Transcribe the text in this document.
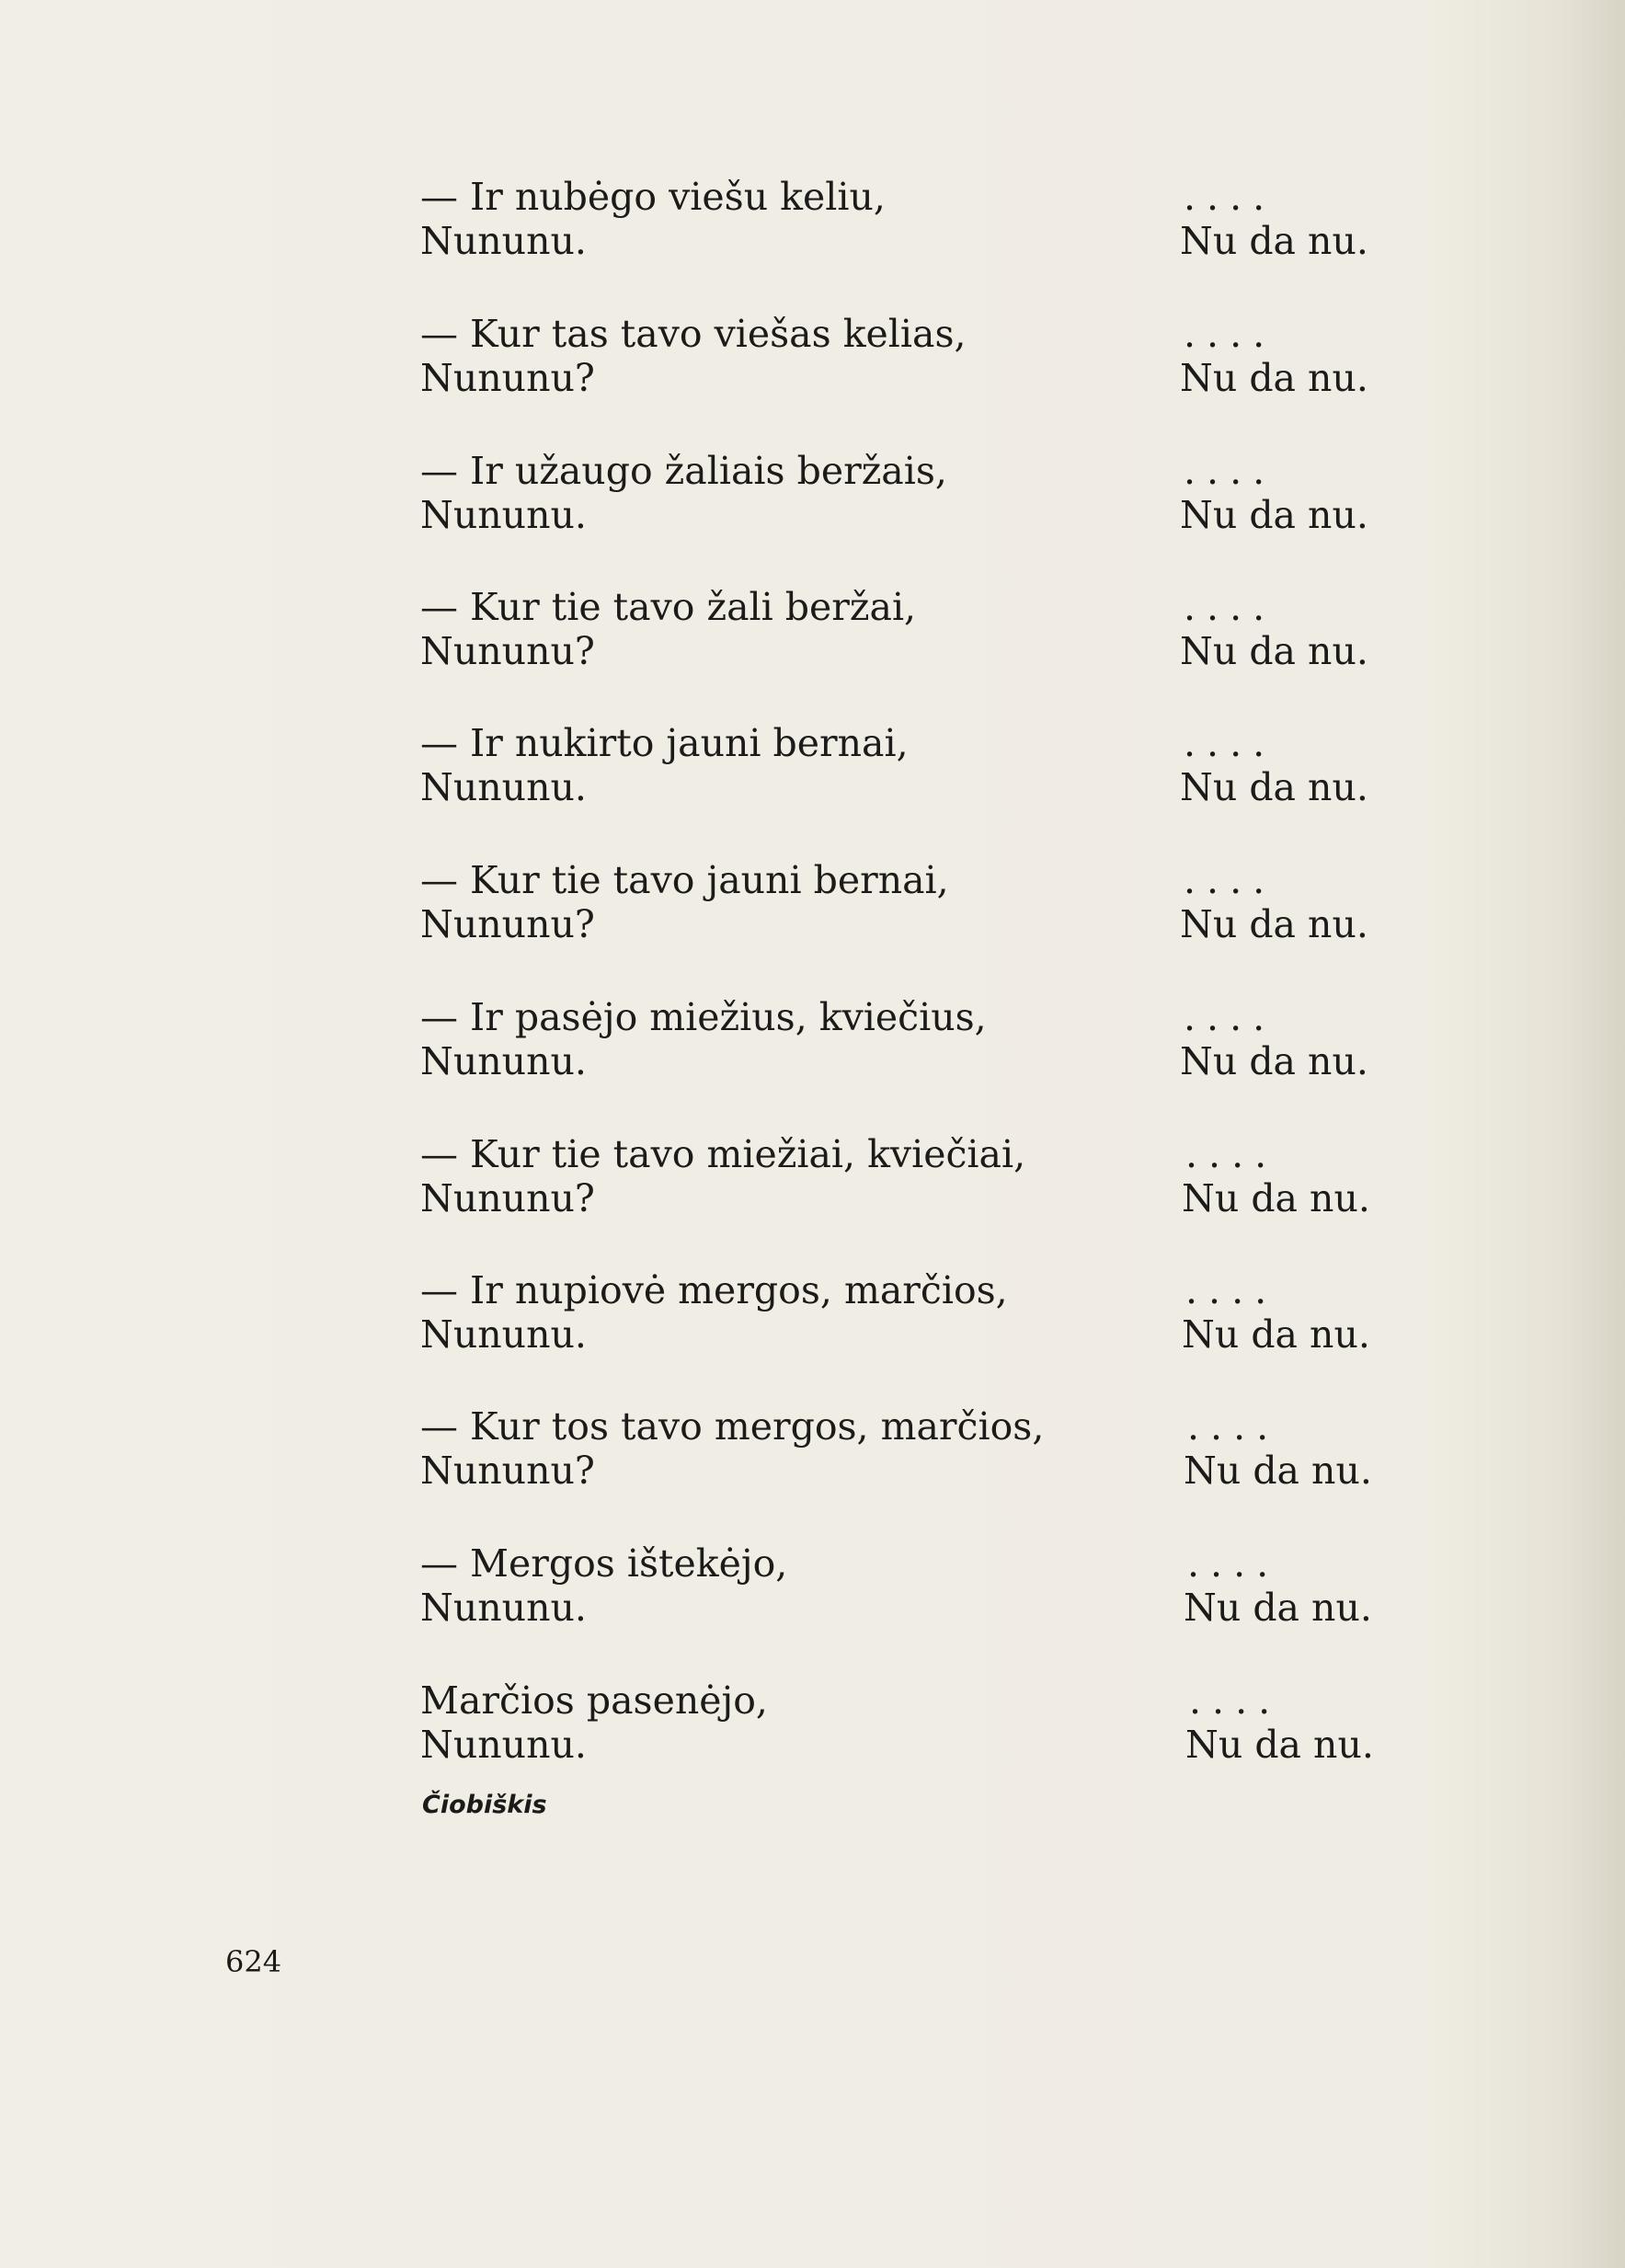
— Ir nubėgo viešu keliu,
Nununu.
....
Nu da nu.
— Kur tas tavo viešas kelias,
Nununu?
....
Nu da nu.
— Ir užaugo žaliais beržais,
Nununu.
....
Nu da nu.
— Kur tie tavo žali beržai,
Nununu?
....
Nu da nu.
— Ir nukirto jauni bernai,
Nununu.
....
Nu da nu.
— Kur tie tavo jauni bernai,
Nununu?
....
Nu da nu.
— Ir pasėjo miežius, kviečius,
Nununu.
....
Nu da nu.
— Kur tie tavo miežiai, kviečiai,
Nununu?
....
Nu da nu.
— Ir nupiovė mergos, marčios,
Nununu.
....
Nu da nu.
— Kur tos tavo mergos, marčios,
Nununu?
....
Nu da nu.
— Mergos ištekėjo,
Nununu.
....
Nu da nu.
Marčios pasenėjo,
Nununu.
....
Nu da nu.
Čiobiškis
624
